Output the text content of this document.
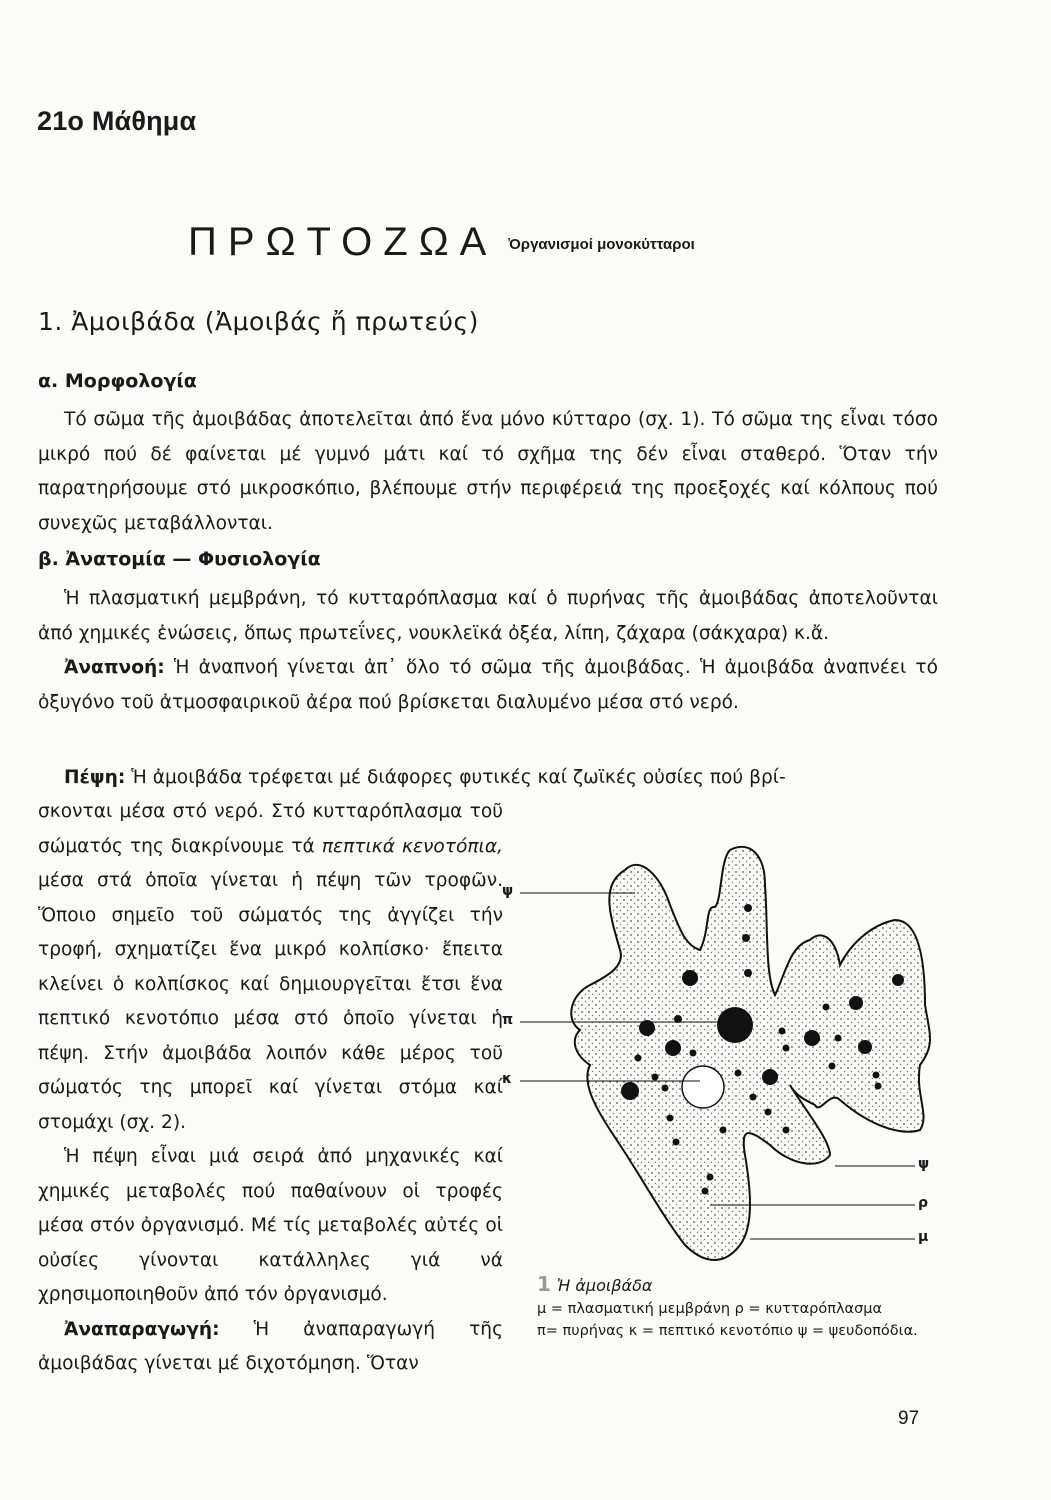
21ο Μάθημα
ΠΡΩΤΟΖΩΑ Ὀργανισμοί μονοκύτταροι
1. Ἀμοιβάδα (Ἀμοιβάς ἤ πρωτεύς)
α. Μορφολογία

Τό σῶμα τῆς ἀμοιβάδας ἀποτελεῖται ἀπό ἕνα μόνο κύτταρο (σχ. 1). Τό σῶμα της εἶναι τόσο μικρό πού δέ φαίνεται μέ γυμνό μάτι καί τό σχῆμα της δέν εἶναι σταθερό. Ὅταν τήν παρατηρήσουμε στό μικροσκόπιο, βλέπουμε στήν περιφέρειά της προεξοχές καί κόλπους πού συνεχῶς μεταβάλλονται.

β. Ἀνατομία — Φυσιολογία

Ἡ πλασματική μεμβράνη, τό κυτταρόπλασμα καί ὁ πυρήνας τῆς ἀμοιβάδας ἀποτελοῦνται ἀπό χημικές ἑνώσεις, ὅπως πρωτεΐνες, νουκλεϊκά ὀξέα, λίπη, ζάχαρα (σάκχαρα) κ.ἄ.

Ἀναπνοή: Ἡ ἀναπνοή γίνεται ἀπ᾽ ὅλο τό σῶμα τῆς ἀμοιβάδας. Ἡ ἀμοιβάδα ἀναπνέει τό ὀξυγόνο τοῦ ἀτμοσφαιρικοῦ ἀέρα πού βρίσκεται διαλυμένο μέσα στό νερό.

Πέψη: Ἡ ἀμοιβάδα τρέφεται μέ διάφορες φυτικές καί ζωϊκές οὐσίες πού βρί-

σκονται μέσα στό νερό. Στό κυτταρόπλασμα τοῦ σώματός της διακρίνουμε τά πεπτικά κενοτόπια, μέσα στά ὁποῖα γίνεται ἡ πέψη τῶν τροφῶν. Ὅποιο σημεῖο τοῦ σώματός της ἀγγίζει τήν τροφή, σχηματίζει ἕνα μικρό κολπίσκο· ἔπειτα κλείνει ὁ κολπίσκος καί δημιουργεῖται ἔτσι ἕνα πεπτικό κενοτόπιο μέσα στό ὁποῖο γίνεται ἡ πέψη. Στήν ἀμοιβάδα λοιπόν κάθε μέρος τοῦ σώματός της μπορεῖ καί γίνεται στόμα καί στομάχι (σχ. 2).

Ἡ πέψη εἶναι μιά σειρά ἀπό μηχανικές καί χημικές μεταβολές πού παθαίνουν οἱ τροφές μέσα στόν ὀργανισμό. Μέ τίς μεταβολές αὐτές οἱ οὐσίες γίνονται κατάλληλες γιά νά χρησιμοποιηθοῦν ἀπό τόν ὀργανισμό.

Ἀναπαραγωγή: Ἡ ἀναπαραγωγή τῆς ἀμοιβάδας γίνεται μέ διχοτόμηση. Ὅταν

ψ
π
κ
ψ
ρ
μ
1 Ἡ ἀμοιβάδα
μ = πλασματική μεμβράνη ρ = κυτταρόπλασμα
π= πυρήνας κ = πεπτικό κενοτόπιο ψ = ψευδοπόδια.
97
